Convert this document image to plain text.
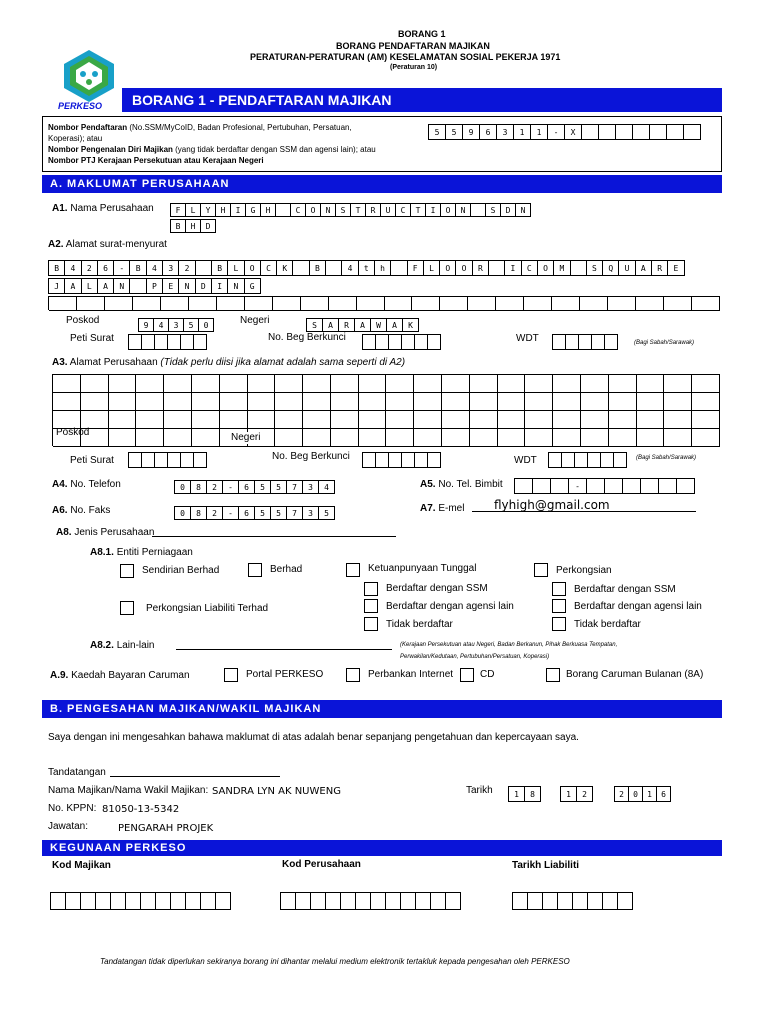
BORANG 1
BORANG PENDAFTARAN MAJIKAN
PERATURAN-PERATURAN (AM) KESELAMATAN SOSIAL PEKERJA 1971
(Peraturan 10)
PERKESO BORANG 1 - PENDAFTARAN MAJIKAN
Nombor Pendaftaran (No.SSM/MyCoID, Badan Profesional, Pertubuhan, Persatuan,
Koperasi); atau
Nombor Pengenalan Diri Majikan (yang tidak berdaftar dengan SSM dan agensi lain); atau
Nombor PTJ Kerajaan Persekutuan atau Kerajaan Negeri
5	5	9	6	3	1	1	-	X
A. MAKLUMAT PERUSAHAAN
A1. Nama Perusahaan	F	L	Y	H	I	G	H	C	O	N	S	T	R	U	C	T	I	O	N	S	D	N
B	H	D
A2. Alamat surat-menyurat
B	4	2	6	-	B	4	3	2	B	L	O	C	K	B	4	t	h	F	L	O	O	R	I	C	O	M	S	Q	U	A	R	E
J	A	L	A	N	P	E	N	D	I	N	G
Poskod	9	4	3	5	0	Negeri	S	A	R	A	W	A	K
Peti Surat	No. Beg Berkunci	WDT	(Bagi Sabah/Sarawak)
A3. Alamat Perusahaan (Tidak perlu diisi jika alamat adalah sama seperti di A2)
Poskod	Negeri
Peti Surat	No. Beg Berkunci	WDT	(Bagi Sabah/Sarawak)
A4. No. Telefon	0	8	2	-	6	5	5	7	3	4	A5. No. Tel. Bimbit	-
A6. No. Faks	0	8	2	-	6	5	5	7	3	5	A7. E-mel flyhigh@gmail.com
A8. Jenis Perusahaan
A8.1. Entiti Perniagaan
Sendirian Berhad	Berhad	Ketuanpunyaan Tunggal	Perkongsian
Berdaftar dengan SSM
Berdaftar dengan agensi lain
Tidak berdaftar
Berdaftar dengan SSM
Berdaftar dengan agensi lain
Tidak berdaftar
Perkongsian Liabiliti Terhad
A8.2. Lain-lain	(Kerajaan Persekutuan atau Negeri, Badan Berkanun, Pihak Berkuasa Tempatan,
Perwakilan/Kedutaan, Pertubuhan/Persatuan, Koperasi)
A.9. Kaedah Bayaran Caruman	Portal PERKESO	Perbankan Internet	CD	Borang Caruman Bulanan (8A)
B. PENGESAHAN MAJIKAN/WAKIL MAJIKAN
Saya dengan ini mengesahkan bahawa maklumat di atas adalah benar sepanjang pengetahuan dan kepercayaan saya.
Tandatangan
Nama Majikan/Nama Wakil Majikan: SANDRA LYN AK NUWENG
No. KPPN: 81050-13-5342
Jawatan:	PENGARAH PROJEK
Tarikh	1	8	1	2	2	0	1	6
KEGUNAAN PERKESO
Kod Majikan	Kod Perusahaan	Tarikh Liabiliti
Tandatangan tidak diperlukan sekiranya borang ini dihantar melalui medium elektronik tertakluk kepada pengesahan oleh PERKESO
